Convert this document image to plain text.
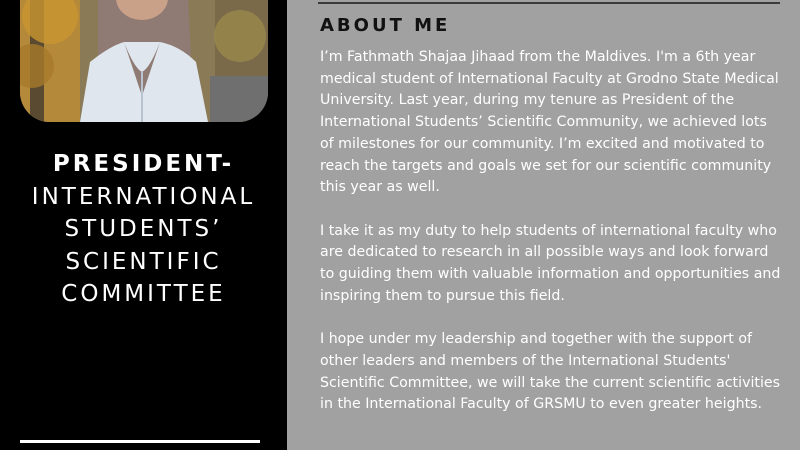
PRESIDENT-
INTERNATIONAL
STUDENTS’
SCIENTIFIC
COMMITTEE
ABOUT ME

I’m Fathmath Shajaa Jihaad from the Maldives. I'm a 6th year medical student of International Faculty at Grodno State Medical University. Last year, during my tenure as President of the International Students’ Scientific Community, we achieved lots of milestones for our community. I’m excited and motivated to reach the targets and goals we set for our scientific community this year as well.

I take it as my duty to help students of international faculty who are dedicated to research in all possible ways and look forward to guiding them with valuable information and opportunities and inspiring them to pursue this field.

I hope under my leadership and together with the support of other leaders and members of the International Students' Scientific Committee, we will take the current scientific activities in the International Faculty of GRSMU to even greater heights.
